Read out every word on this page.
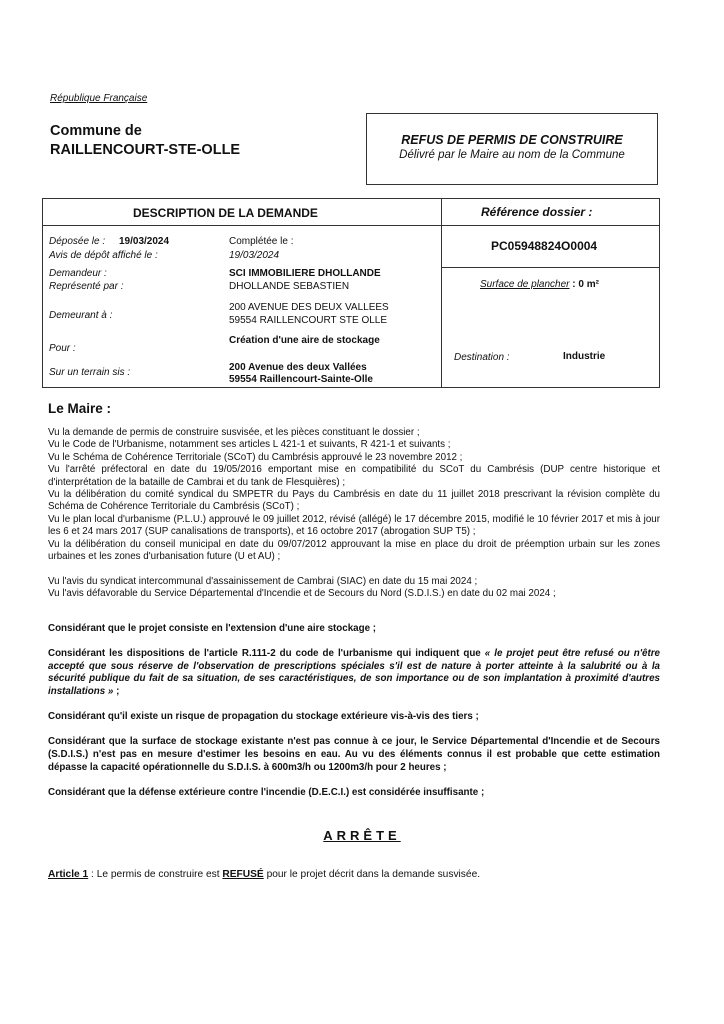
République Française
Commune de
RAILLENCOURT-STE-OLLE
REFUS DE PERMIS DE CONSTRUIRE
Délivré par le Maire au nom de la Commune
DESCRIPTION DE LA DEMANDE	Référence dossier :
PC05948824O0004
Déposée le : 19/03/2024	Complétée le :
Avis de dépôt affiché le :	19/03/2024
Demandeur :	SCI IMMOBILIERE DHOLLANDE
Représenté par :	DHOLLANDE SEBASTIEN	Surface de plancher : 0 m²
Demeurant à :
200 AVENUE DES DEUX VALLEES
59554 RAILLENCOURT STE OLLE
Pour :
Création d'une aire de stockage
Sur un terrain sis :	200 Avenue des deux Vallées
59554 Raillencourt-Sainte-Olle
Destination :	Industrie
Le Maire :

Vu la demande de permis de construire susvisée, et les pièces constituant le dossier ;

Vu le Code de l'Urbanisme, notamment ses articles L 421-1 et suivants, R 421-1 et suivants ;

Vu le Schéma de Cohérence Territoriale (SCoT) du Cambrésis approuvé le 23 novembre 2012 ;

Vu l'arrêté préfectoral en date du 19/05/2016 emportant mise en compatibilité du SCoT du Cambrésis (DUP centre historique et d'interprétation de la bataille de Cambrai et du tank de Flesquières) ;

Vu la délibération du comité syndical du SMPETR du Pays du Cambrésis en date du 11 juillet 2018 prescrivant la révision complète du Schéma de Cohérence Territoriale du Cambrésis (SCoT) ;

Vu le plan local d'urbanisme (P.L.U.) approuvé le 09 juillet 2012, révisé (allégé) le 17 décembre 2015, modifié le 10 février 2017 et mis à jour les 6 et 24 mars 2017 (SUP canalisations de transports), et 16 octobre 2017 (abrogation SUP T5) ;

Vu la délibération du conseil municipal en date du 09/07/2012 approuvant la mise en place du droit de préemption urbain sur les zones urbaines et les zones d'urbanisation future (U et AU) ;

Vu l'avis du syndicat intercommunal d'assainissement de Cambrai (SIAC) en date du 15 mai 2024 ;

Vu l'avis défavorable du Service Départemental d'Incendie et de Secours du Nord (S.D.I.S.) en date du 02 mai 2024 ;

Considérant que le projet consiste en l'extension d'une aire stockage ;

Considérant les dispositions de l'article R.111-2 du code de l'urbanisme qui indiquent que « le projet peut être refusé ou n'être accepté que sous réserve de l'observation de prescriptions spéciales s'il est de nature à porter atteinte à la salubrité ou à la sécurité publique du fait de sa situation, de ses caractéristiques, de son importance ou de son implantation à proximité d'autres installations » ;

Considérant qu'il existe un risque de propagation du stockage extérieure vis-à-vis des tiers ;

Considérant que la surface de stockage existante n'est pas connue à ce jour, le Service Départemental d'Incendie et de Secours (S.D.I.S.) n'est pas en mesure d'estimer les besoins en eau. Au vu des éléments connus il est probable que cette estimation dépasse la capacité opérationnelle du S.D.I.S. à 600m3/h ou 1200m3/h pour 2 heures ;

Considérant que la défense extérieure contre l'incendie (D.E.C.I.) est considérée insuffisante ;

ARRÊTE
Article 1 : Le permis de construire est REFUSÉ pour le projet décrit dans la demande susvisée.
